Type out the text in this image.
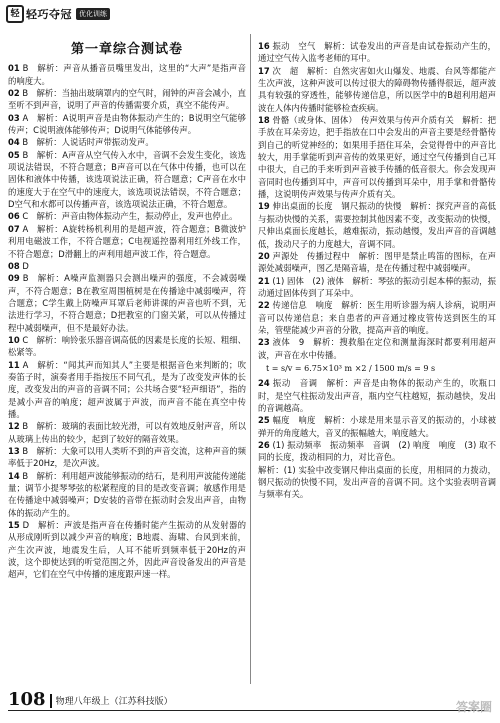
轻 轻巧夺冠	优化训练
第一章综合测试卷

01 B　解析：声音从播音员嘴里发出，这里的“大声”是指声音的响度大。

02 B　解析：当抽出玻璃罩内的空气时，闹钟的声音会减小，直至听不到声音，说明了声音的传播需要介质，真空不能传声。

03 A　解析：A说明声音是由物体振动产生的；B说明空气能够传声；C说明液体能够传声；D说明气体能够传声。

04 B　解析：人说话时声带振动发声。

05 B　解析：A声音从空气传入水中，音调不会发生变化，该选项说法错误，不符合题意；B声音可以在气体中传播，也可以在固体和液体中传播，该选项说法正确，符合题意；C声音在水中的速度大于在空气中的速度大，该选项说法错误，不符合题意；D空气和水都可以传播声音，该选项说法正确，不符合题意。

06 C　解析：声音由物体振动产生，振动停止，发声也停止。

07 A　解析：A旋转杨机利用的是超声波，符合题意；B微波炉利用电磁波工作，不符合题意；C电视遥控器利用红外线工作，不符合题意；D滑翻上的声利用超声波工作，符合题意。

08 D

09 B　解析：A噪声监测器只会测出噪声的强度，不会减弱噪声，不符合题意；B在教室周围植树是在传播途中减弱噪声，符合题意；C学生戴上防噪声耳罩后老师讲课的声音也听不到，无法进行学习，不符合题意；D把教室的门窗关紧，可以从传播过程中减弱噪声，但不是最好办法。

10 C　解析：响铃张乐器音调高低的因素是长度的长短、粗细、松紧等。

11 A　解析：“闻其声而知其人”主要是根据音色来判断的；吹奏笛子时，演奏者用手指按压不同气孔，是为了改变发声体的长度，改变发出的声音的音调不同；公共场合要“轻声细语”，指的是减小声音的响度；超声波属于声波，而声音不能在真空中传播。

12 B　解析：玻璃的表面比较光滑，可以有效地反射声音，所以从玻璃上传出的较少，起到了较好的隔音效果。

13 B　解析：大象可以用人类听不到的声音交流，这种声音的频率低于20Hz，是次声波。

14 B　解析：利用超声波能够振动的结石，是利用声波能传递能量；调节小提琴琴弦的松紧程度的目的是改变音调；敏感作用是在传播途中减弱噪声；D安装的音带在振动时会发出声音，由物体的振动产生的。

15 D　解析：声波是指声音在传播时能产生振动的从发射器的从形成刚听到以减少声音的响度；B地震、海啸、台风到来前，产生次声波，地震发生后，人耳不能听到频率低于20Hz的声波，这个即使达到的听觉范围之外，因此声音设备发出的声音是超声，它们在空气中传播的速度跟声速一样。

16 振动　空气　解析：试卷发出的声音是由试卷振动产生的，通过空气传入监考老师的耳中。

17 次　超　解析：自然灾害如火山爆发、地震、台风等都能产生次声波，这种声波可以传过很大的障碍物传播得很远，超声波具有较强的穿透性，能够传递信息，所以医学中的B超利用超声波在人体内传播时能够检查疾病。

18 骨骼（或身体、固体）　传声效果与传声介质有关　解析：把手放在耳朵旁边，把手指放在口中会发出的声音主要是经骨骼传到自己的听觉神经的；如果用手捂住耳朵，会觉得骨中的声音比较大，用手掌能听到声音传的效果更好，通过空气传播到自己耳中很大，自己的手来听到声音被手传播的低音很大。你会发现声音同时也传播到耳中，声音可以传播到耳朵中，用手掌和骨骼传播，这说明传声效果与传声介质有关。

19 伸出桌面的长度　钢尺振动的快慢　解析：探究声音的高低与振动快慢的关系，需要控制其他因素不变，改变振动的快慢，尺伸出桌面长度越长，越难振动，振动越慢，发出声音的音调越低，拨动尺子的力度越大，音调不同。

20 声源处　传播过程中　解析：图甲是禁止鸣笛的图标，在声源处减弱噪声，图乙是隔音墙，是在传播过程中减弱噪声。

21 (1) 固体　(2) 液体　解析：琴弦的振动引起本棒的振动，振动通过固体传到了耳朵中。

22 传递信息　响度　解析：医生用听诊器为病人诊病，说明声音可以传递信息；来自患者的声音通过橡皮管传送到医生的耳朵，管壁能减少声音的分散，提高声音的响度。

23 液体　9　解析：搜救船在定位和测量海深时都要利用超声波，声音在水中传播。

t = s/v = 6.75×10³ m ×2 / 1500 m/s = 9 s

24 振动　音调　解析：声音是由物体的振动产生的，吹瓶口时，是空气柱振动发出声音，瓶内空气柱越短，振动越快，发出的音调越高。

25 幅度　响度　解析：小球是用来显示音叉的振动的，小球被弹开的角度越大，音叉的振幅越大，响度越大。

26 (1) 振动频率　振动频率　音调　(2) 响度　响度　(3) 取不同的长度，拨动相同的力，对比音色。

解析：(1) 实验中改变钢尺伸出桌面的长度，用相同的力拨动，钢尺振动的快慢不同，发出声音的音调不同。这个实验表明音调与频率有关。

108 物理八年级上（江苏科技版）	答案圈
